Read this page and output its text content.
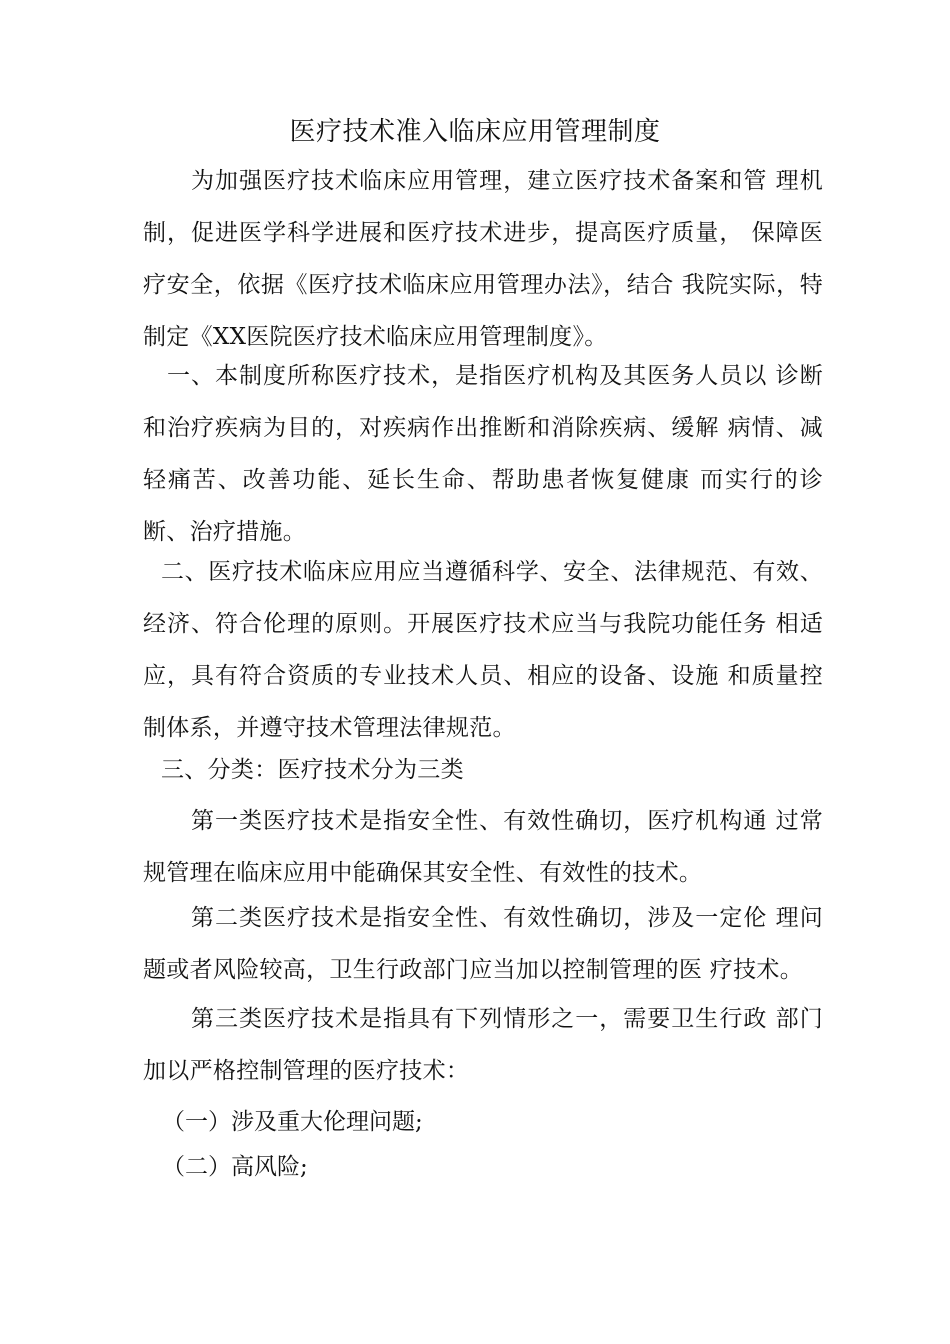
医疗技术准入临床应用管理制度
为加强医疗技术临床应用管理，建立医疗技术备案和管 理机制，促进医学科学进展和医疗技术进步，提高医疗质量， 保障医疗安全，依据《医疗技术临床应用管理办法》，结合 我院实际，特制定《XX医院医疗技术临床应用管理制度》。
一、本制度所称医疗技术，是指医疗机构及其医务人员以 诊断和治疗疾病为目的，对疾病作出推断和消除疾病、缓解 病情、减轻痛苦、改善功能、延长生命、帮助患者恢复健康 而实行的诊断、治疗措施。
二、医疗技术临床应用应当遵循科学、安全、法律规范、有效、经济、符合伦理的原则。开展医疗技术应当与我院功能任务 相适应，具有符合资质的专业技术人员、相应的设备、设施 和质量控制体系，并遵守技术管理法律规范。
三、分类：医疗技术分为三类
第一类医疗技术是指安全性、有效性确切，医疗机构通 过常规管理在临床应用中能确保其安全性、有效性的技术。
第二类医疗技术是指安全性、有效性确切，涉及一定伦 理问题或者风险较高，卫生行政部门应当加以控制管理的医 疗技术。
第三类医疗技术是指具有下列情形之一，需要卫生行政 部门加以严格控制管理的医疗技术：
（一）涉及重大伦理问题;
（二）高风险;
